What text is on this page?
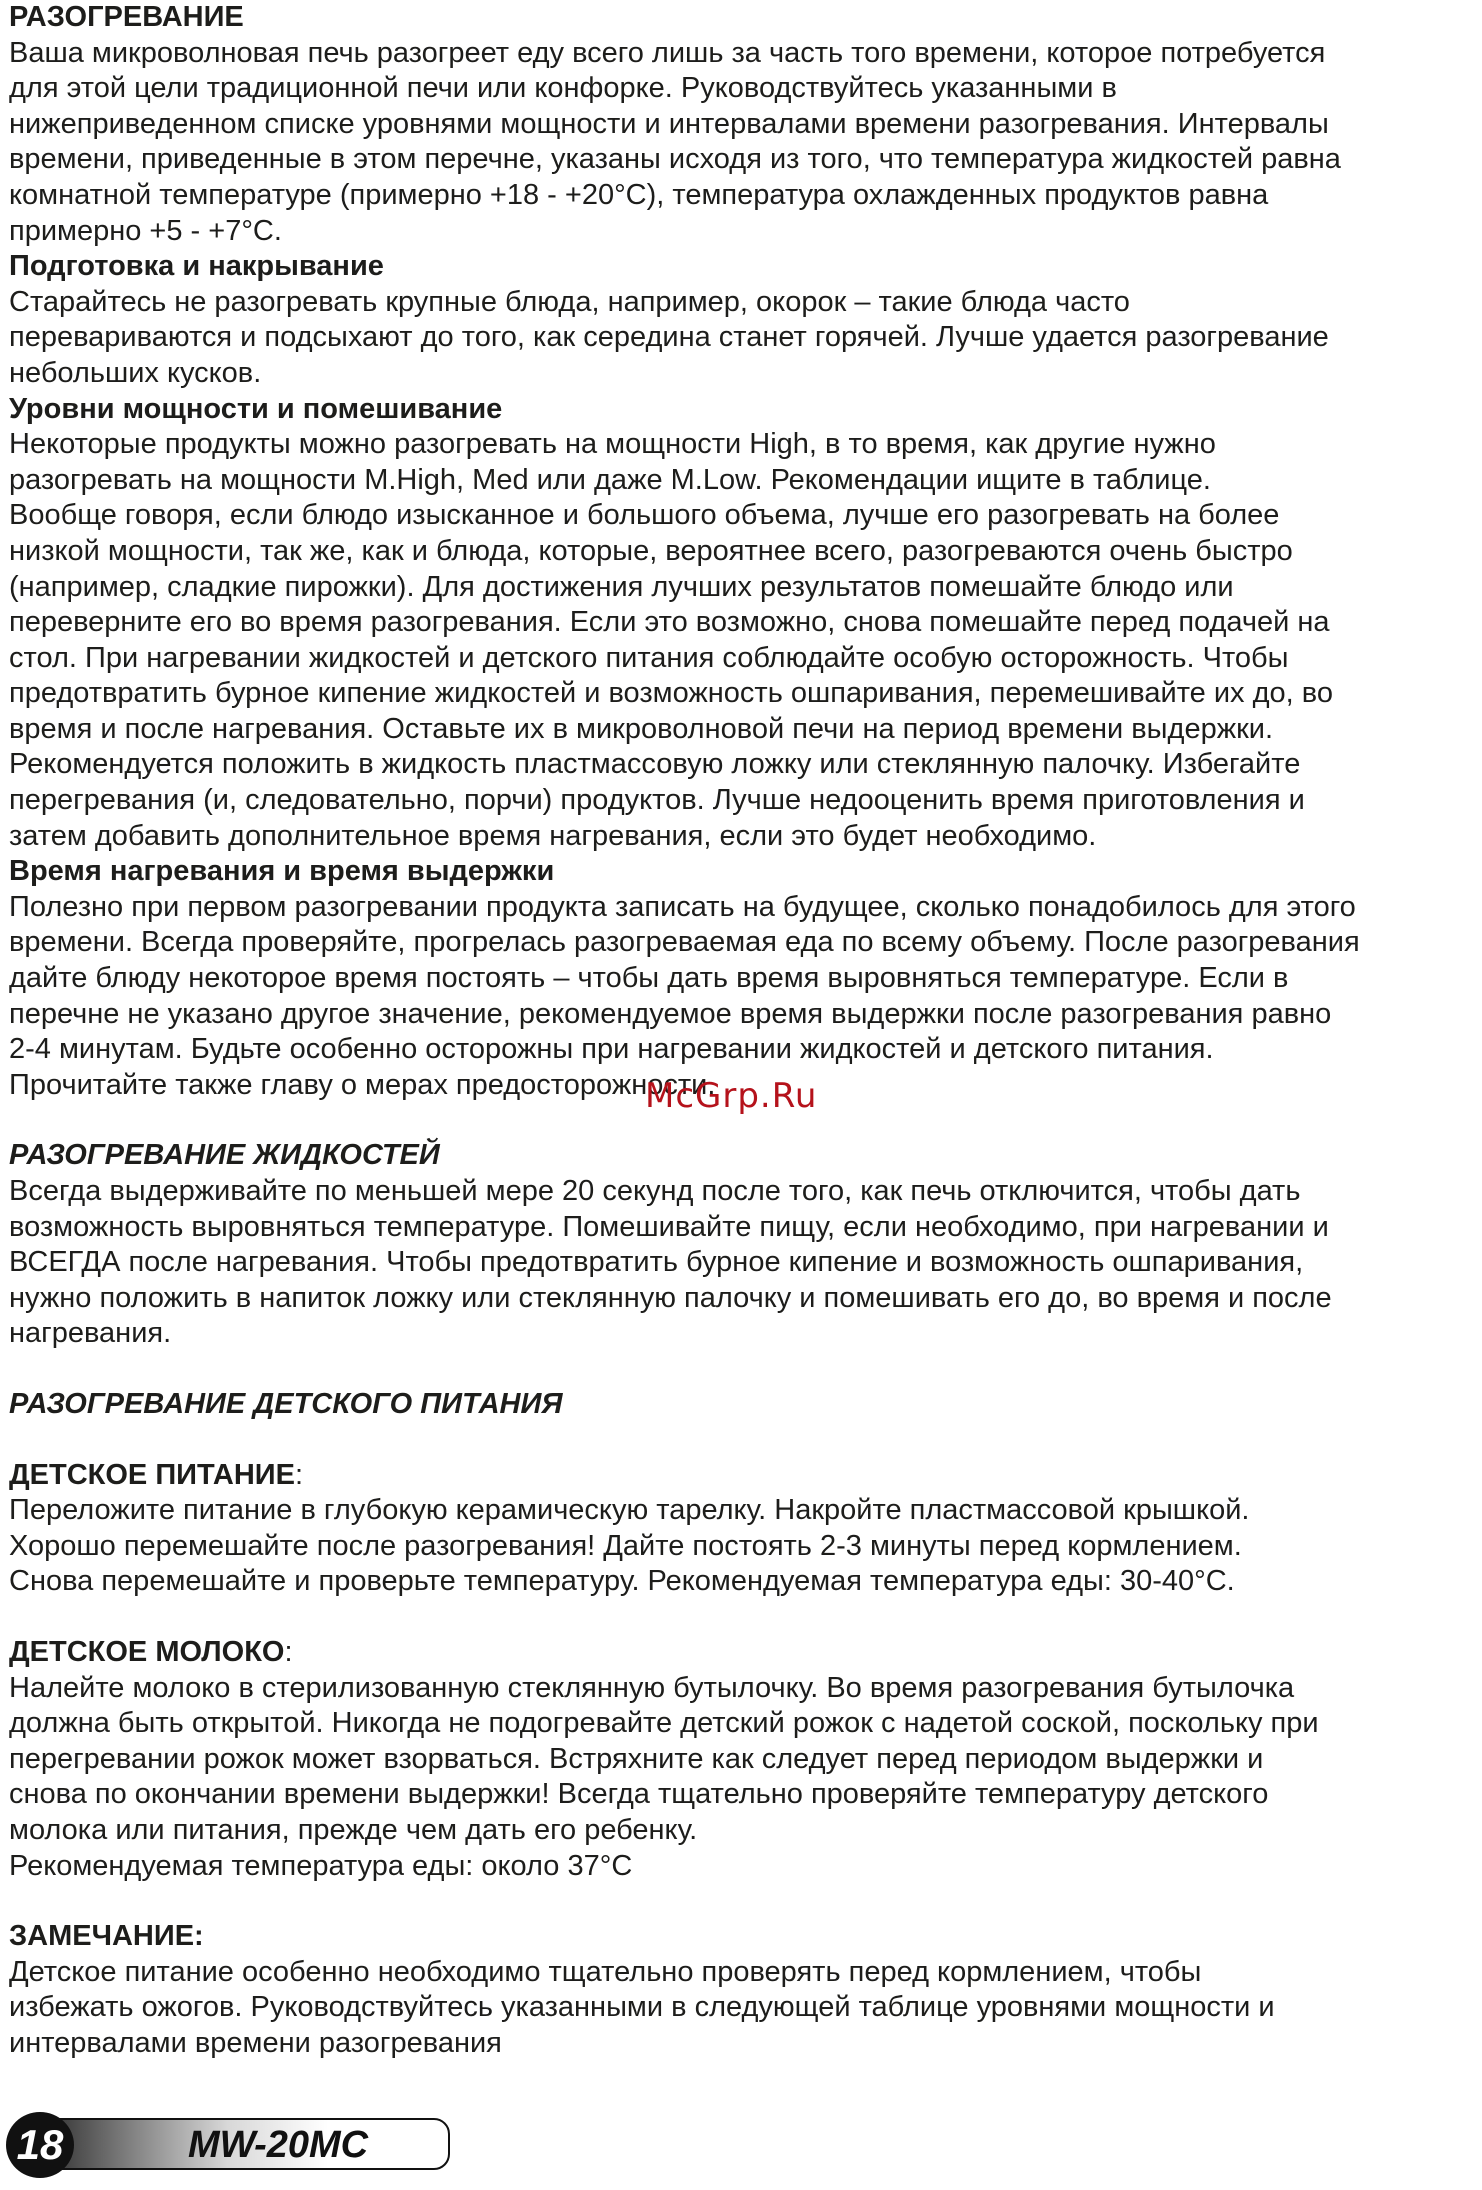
РАЗОГРЕВАНИЕ

Ваша микроволновая печь разогреет еду всего лишь за часть того времени, которое потребуется

для этой цели традиционной печи или конфорке. Руководствуйтесь указанными в

нижеприведенном списке уровнями мощности и интервалами времени разогревания. Интервалы

времени, приведенные в этом перечне, указаны исходя из того, что температура жидкостей равна

комнатной температуре (примерно +18 - +20°С), температура охлажденных продуктов равна

примерно +5 - +7°С.

Подготовка и накрывание

Старайтесь не разогревать крупные блюда, например, окорок – такие блюда часто

перевариваются и подсыхают до того, как середина станет горячей. Лучше удается разогревание

небольших кусков.

Уровни мощности и помешивание

Некоторые продукты можно разогревать на мощности High, в то время, как другие нужно

разогревать на мощности M.High, Med или даже M.Low. Рекомендации ищите в таблице.

Вообще говоря, если блюдо изысканное и большого объема, лучше его разогревать на более

низкой мощности, так же, как и блюда, которые, вероятнее всего, разогреваются очень быстро

(например, сладкие пирожки). Для достижения лучших результатов помешайте блюдо или

переверните его во время разогревания. Если это возможно, снова помешайте перед подачей на

стол. При нагревании жидкостей и детского питания соблюдайте особую осторожность. Чтобы

предотвратить бурное кипение жидкостей и возможность ошпаривания, перемешивайте их до, во

время и после нагревания. Оставьте их в микроволновой печи на период времени выдержки.

Рекомендуется положить в жидкость пластмассовую ложку или стеклянную палочку. Избегайте

перегревания (и, следовательно, порчи) продуктов. Лучше недооценить время приготовления и

затем добавить дополнительное время нагревания, если это будет необходимо.

Время нагревания и время выдержки

Полезно при первом разогревании продукта записать на будущее, сколько понадобилось для этого

времени. Всегда проверяйте, прогрелась разогреваемая еда по всему объему. После разогревания

дайте блюду некоторое время постоять – чтобы дать время выровняться температуре. Если в

перечне не указано другое значение, рекомендуемое время выдержки после разогревания равно

2-4 минутам. Будьте особенно осторожны при нагревании жидкостей и детского питания.

Прочитайте также главу о мерах предосторожности.

РАЗОГРЕВАНИЕ ЖИДКОСТЕЙ

Всегда выдерживайте по меньшей мере 20 секунд после того, как печь отключится, чтобы дать

возможность выровняться температуре. Помешивайте пищу, если необходимо, при нагревании и

ВСЕГДА после нагревания. Чтобы предотвратить бурное кипение и возможность ошпаривания,

нужно положить в напиток ложку или стеклянную палочку и помешивать его до, во время и после

нагревания.

РАЗОГРЕВАНИЕ ДЕТСКОГО ПИТАНИЯ

ДЕТСКОЕ ПИТАНИЕ:

Переложите питание в глубокую керамическую тарелку. Накройте пластмассовой крышкой.

Хорошо перемешайте после разогревания! Дайте постоять 2-3 минуты перед кормлением.

Снова перемешайте и проверьте температуру. Рекомендуемая температура еды: 30-40°С.

ДЕТСКОЕ МОЛОКО:

Налейте молоко в стерилизованную стеклянную бутылочку. Во время разогревания бутылочка

должна быть открытой. Никогда не подогревайте детский рожок с надетой соской, поскольку при

перегревании рожок может взорваться. Встряхните как следует перед периодом выдержки и

снова по окончании времени выдержки! Всегда тщательно проверяйте температуру детского

молока или питания, прежде чем дать его ребенку.

Рекомендуемая температура еды: около 37°С

ЗАМЕЧАНИЕ:

Детское питание особенно необходимо тщательно проверять перед кормлением, чтобы

избежать ожогов. Руководствуйтесь указанными в следующей таблице уровнями мощности и

интервалами времени разогревания

McGrp.Ru
MW-20MC
18
